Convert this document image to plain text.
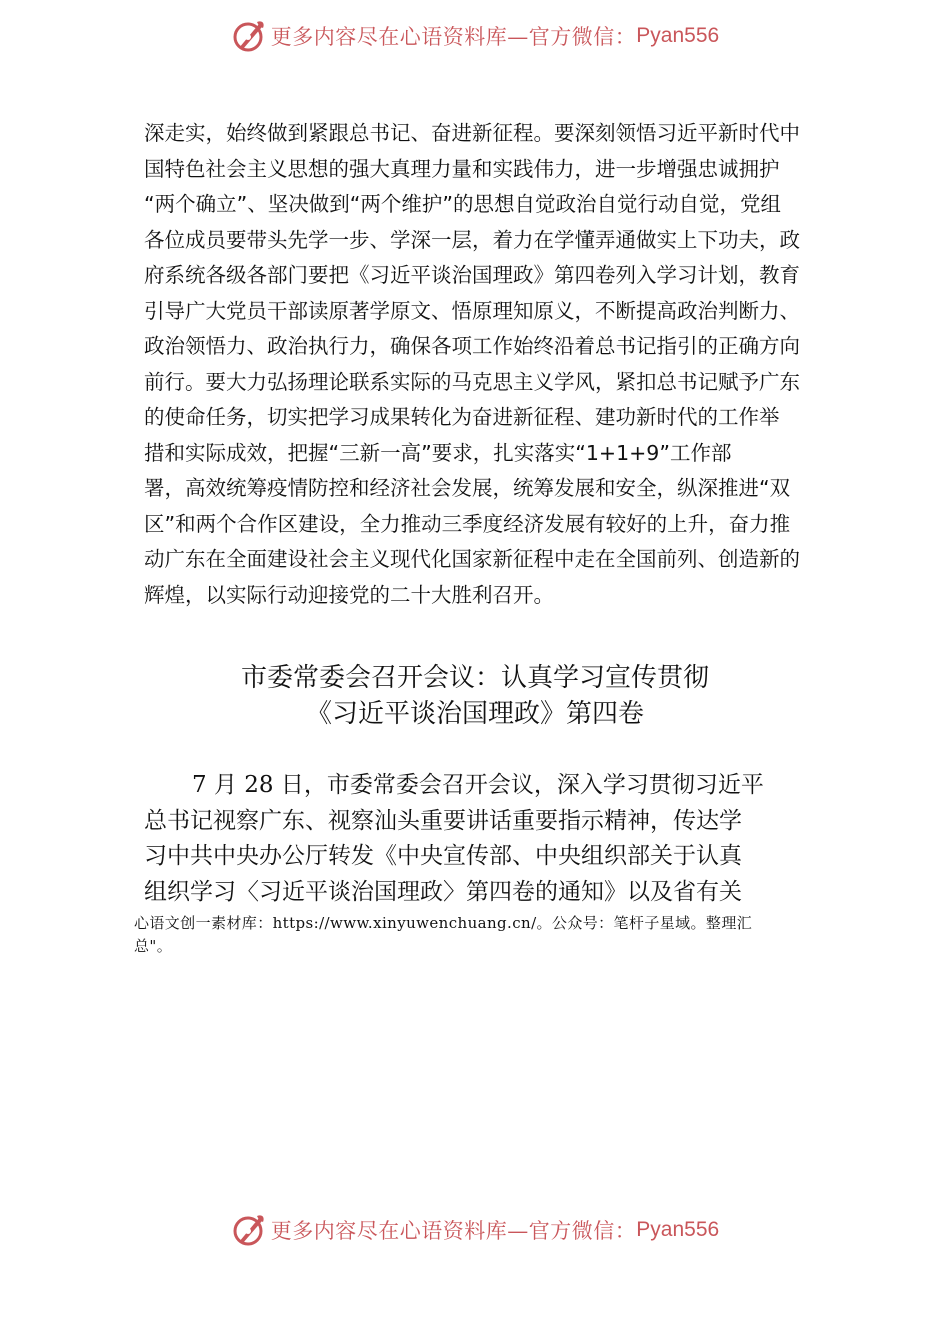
更多内容尽在心语资料库—官方微信： Pyan556
深走实，始终做到紧跟总书记、奋进新征程。要深刻领悟习近平新时代中
国特色社会主义思想的强大真理力量和实践伟力，进一步增强忠诚拥护
“两个确立”、坚决做到“两个维护”的思想自觉政治自觉行动自觉，党组
各位成员要带头先学一步、学深一层，着力在学懂弄通做实上下功夫，政
府系统各级各部门要把《习近平谈治国理政》第四卷列入学习计划，教育
引导广大党员干部读原著学原文、悟原理知原义，不断提高政治判断力、
政治领悟力、政治执行力，确保各项工作始终沿着总书记指引的正确方向
前行。要大力弘扬理论联系实际的马克思主义学风，紧扣总书记赋予广东
的使命任务，切实把学习成果转化为奋进新征程、建功新时代的工作举
措和实际成效，把握“三新一高”要求，扎实落实“1+1+9”工作部
署，高效统筹疫情防控和经济社会发展，统筹发展和安全，纵深推进“双
区”和两个合作区建设，全力推动三季度经济发展有较好的上升，奋力推
动广东在全面建设社会主义现代化国家新征程中走在全国前列、创造新的
辉煌，以实际行动迎接党的二十大胜利召开。
市委常委会召开会议：认真学习宣传贯彻
《习近平谈治国理政》第四卷
7 月 28 日，市委常委会召开会议，深入学习贯彻习近平
总书记视察广东、视察汕头重要讲话重要指示精神，传达学
习中共中央办公厅转发《中央宣传部、中央组织部关于认真
组织学习〈习近平谈治国理政〉第四卷的通知》以及省有关
心语文创一素材库：https://www.xinyuwenchuang.cn/。公众号：笔杆子星域。整理汇
总"。
更多内容尽在心语资料库—官方微信： Pyan556
